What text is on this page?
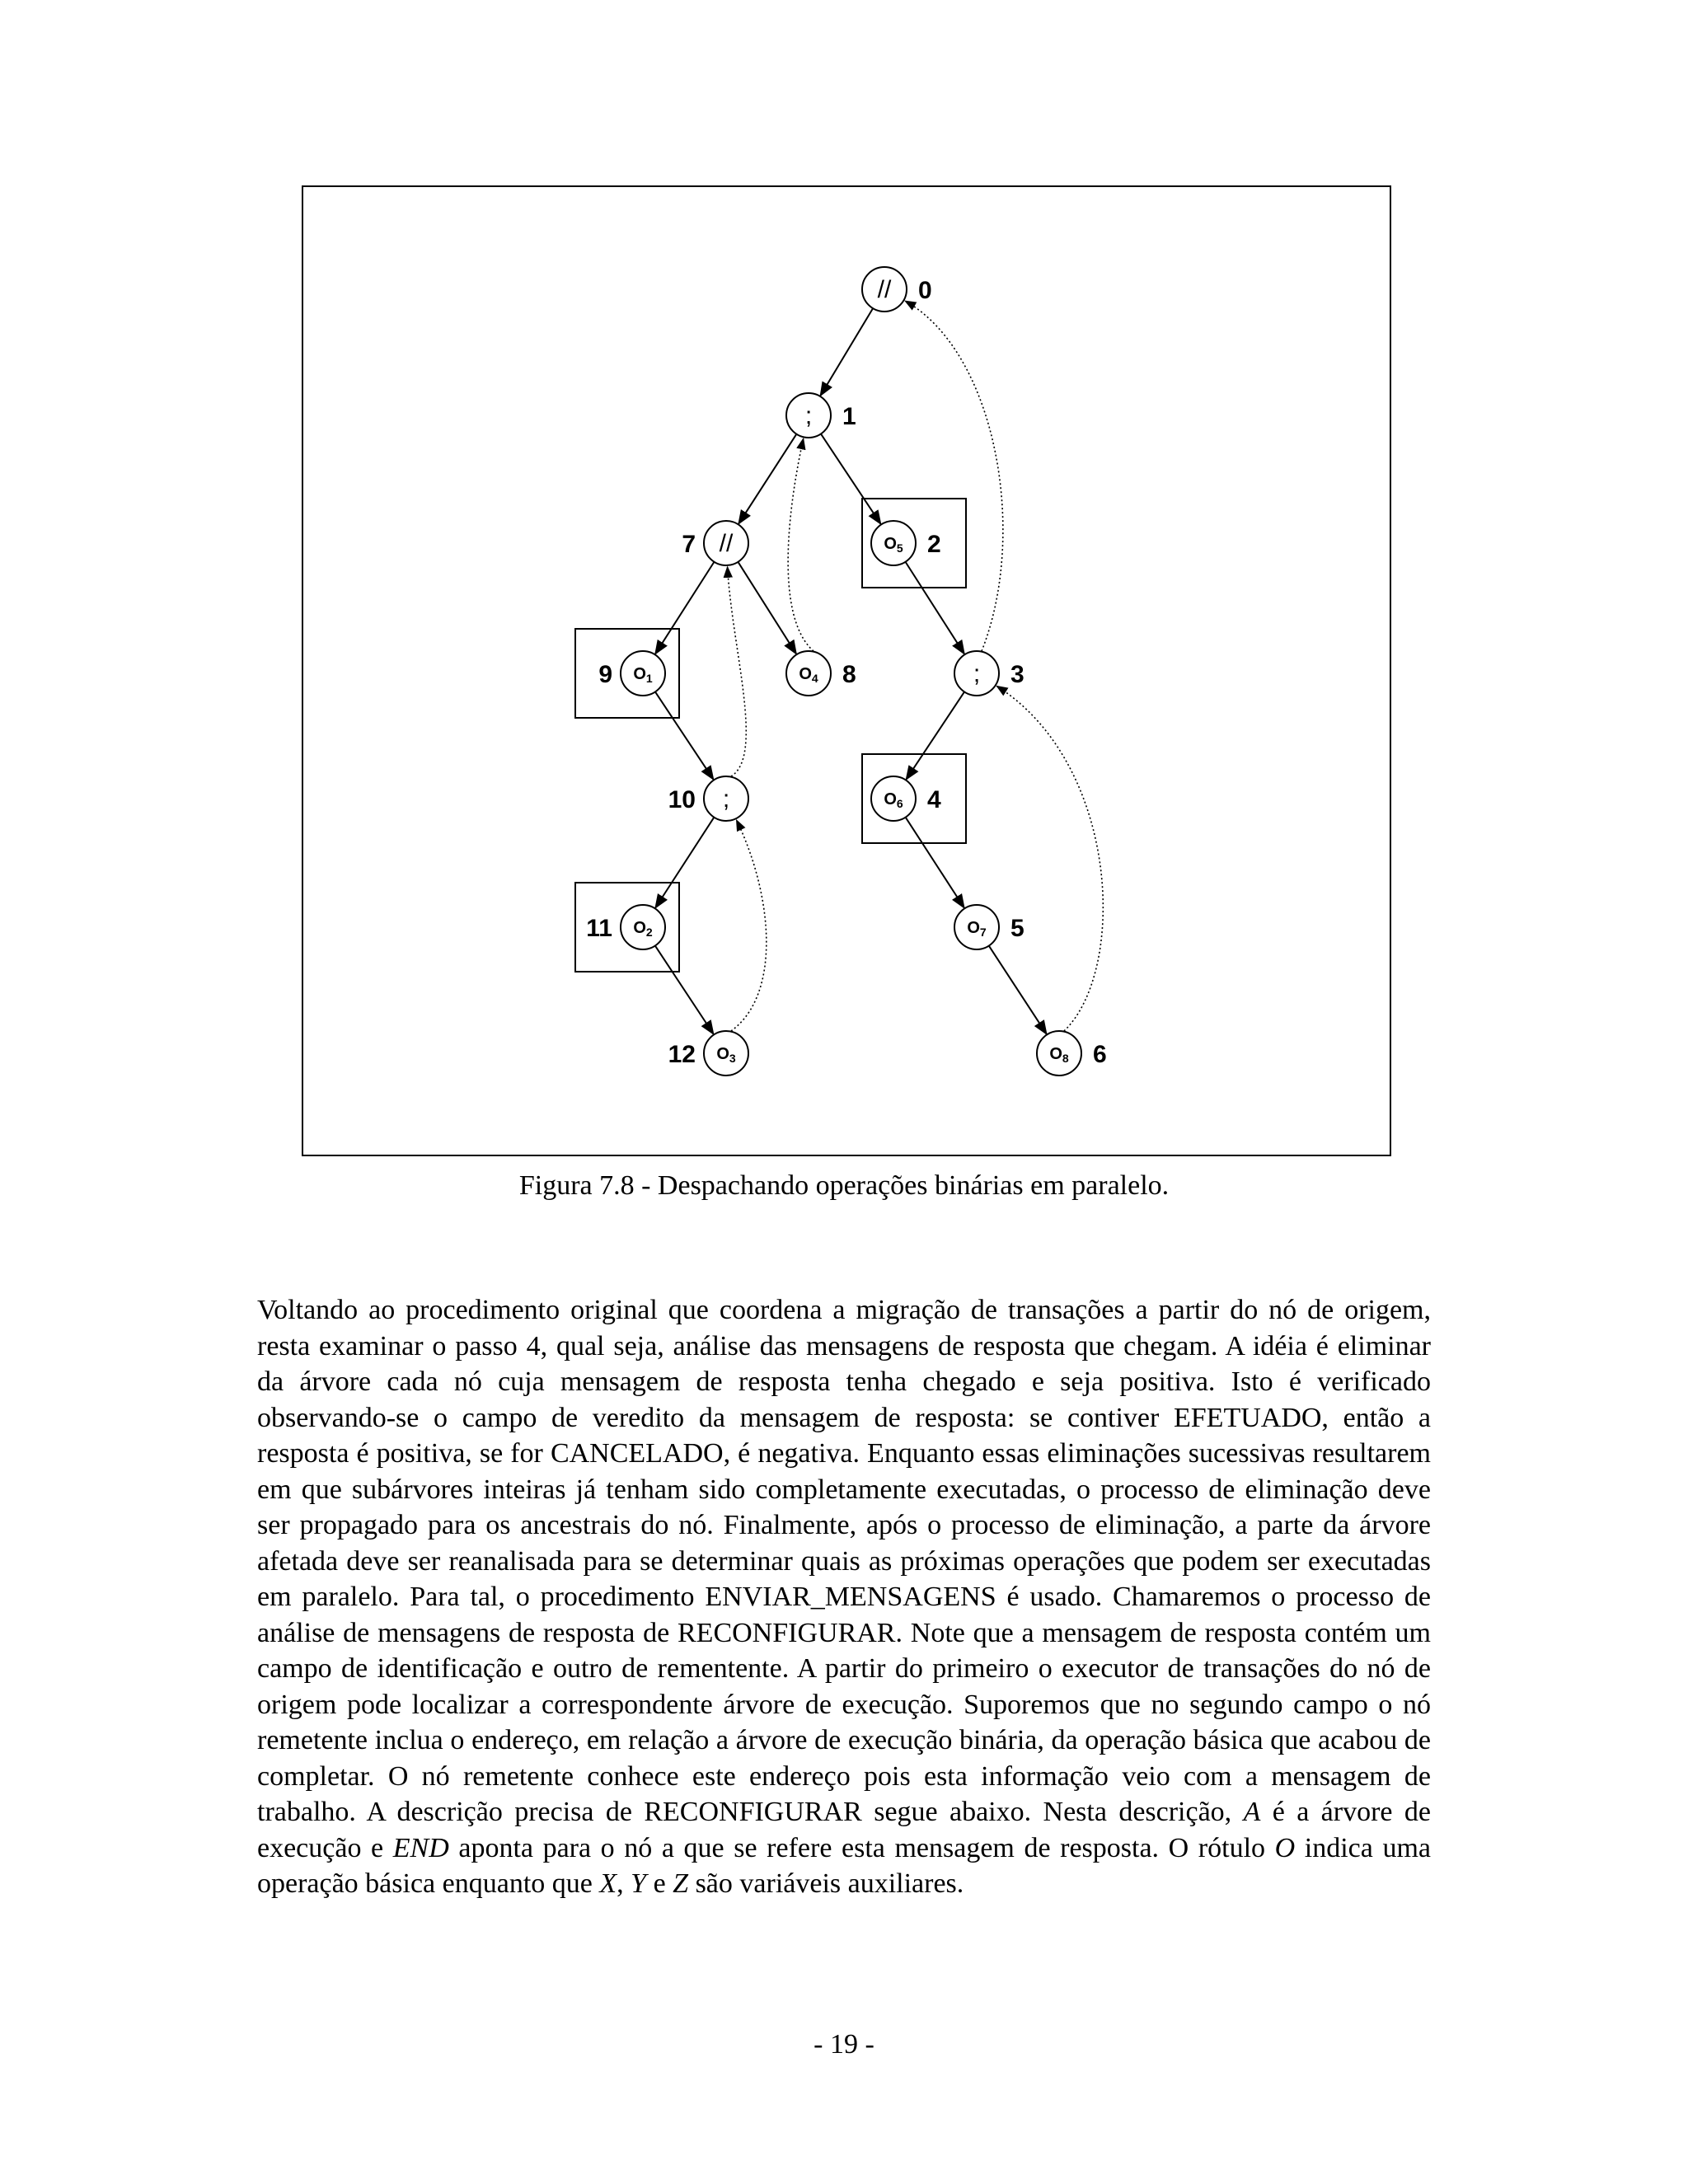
// 0
; 1
$O_5$ 2
; 3
$O_6$ 4
$O_7$ 5
$O_8$ 6
//
7
$O_4$ 8
$O_1$
9
;
10
$O_2$
11
$O_3$
12
Figura 7.8 - Despachando operações binárias em paralelo.

Voltando ao procedimento original que coordena a migração de transações a partir do nó de origem, resta examinar o passo 4, qual seja, análise das mensagens de resposta que chegam. A idéia é eliminar da árvore cada nó cuja mensagem de resposta tenha chegado e seja positiva. Isto é verificado observando-se o campo de veredito da mensagem de resposta: se contiver EFETUADO, então a resposta é positiva, se for CANCELADO, é negativa. Enquanto essas eliminações sucessivas resultarem em que subárvores inteiras já tenham sido completamente executadas, o processo de eliminação deve ser propagado para os ancestrais do nó. Finalmente, após o processo de eliminação, a parte da árvore afetada deve ser reanalisada para se determinar quais as próximas operações que podem ser executadas em paralelo. Para tal, o procedimento ENVIAR_MENSAGENS é usado. Chamaremos o processo de análise de mensagens de resposta de RECONFIGURAR. Note que a mensagem de resposta contém um campo de identificação e outro de rementente. A partir do primeiro o executor de transações do nó de origem pode localizar a correspondente árvore de execução. Suporemos que no segundo campo o nó remetente inclua o endereço, em relação a árvore de execução binária, da operação básica que acabou de completar. O nó remetente conhece este endereço pois esta informação veio com a mensagem de trabalho. A descrição precisa de RECONFIGURAR segue abaixo. Nesta descrição, A é a árvore de execução e END aponta para o nó a que se refere esta mensagem de resposta. O rótulo O indica uma operação básica enquanto que X, Y e Z são variáveis auxiliares.

- 19 -
